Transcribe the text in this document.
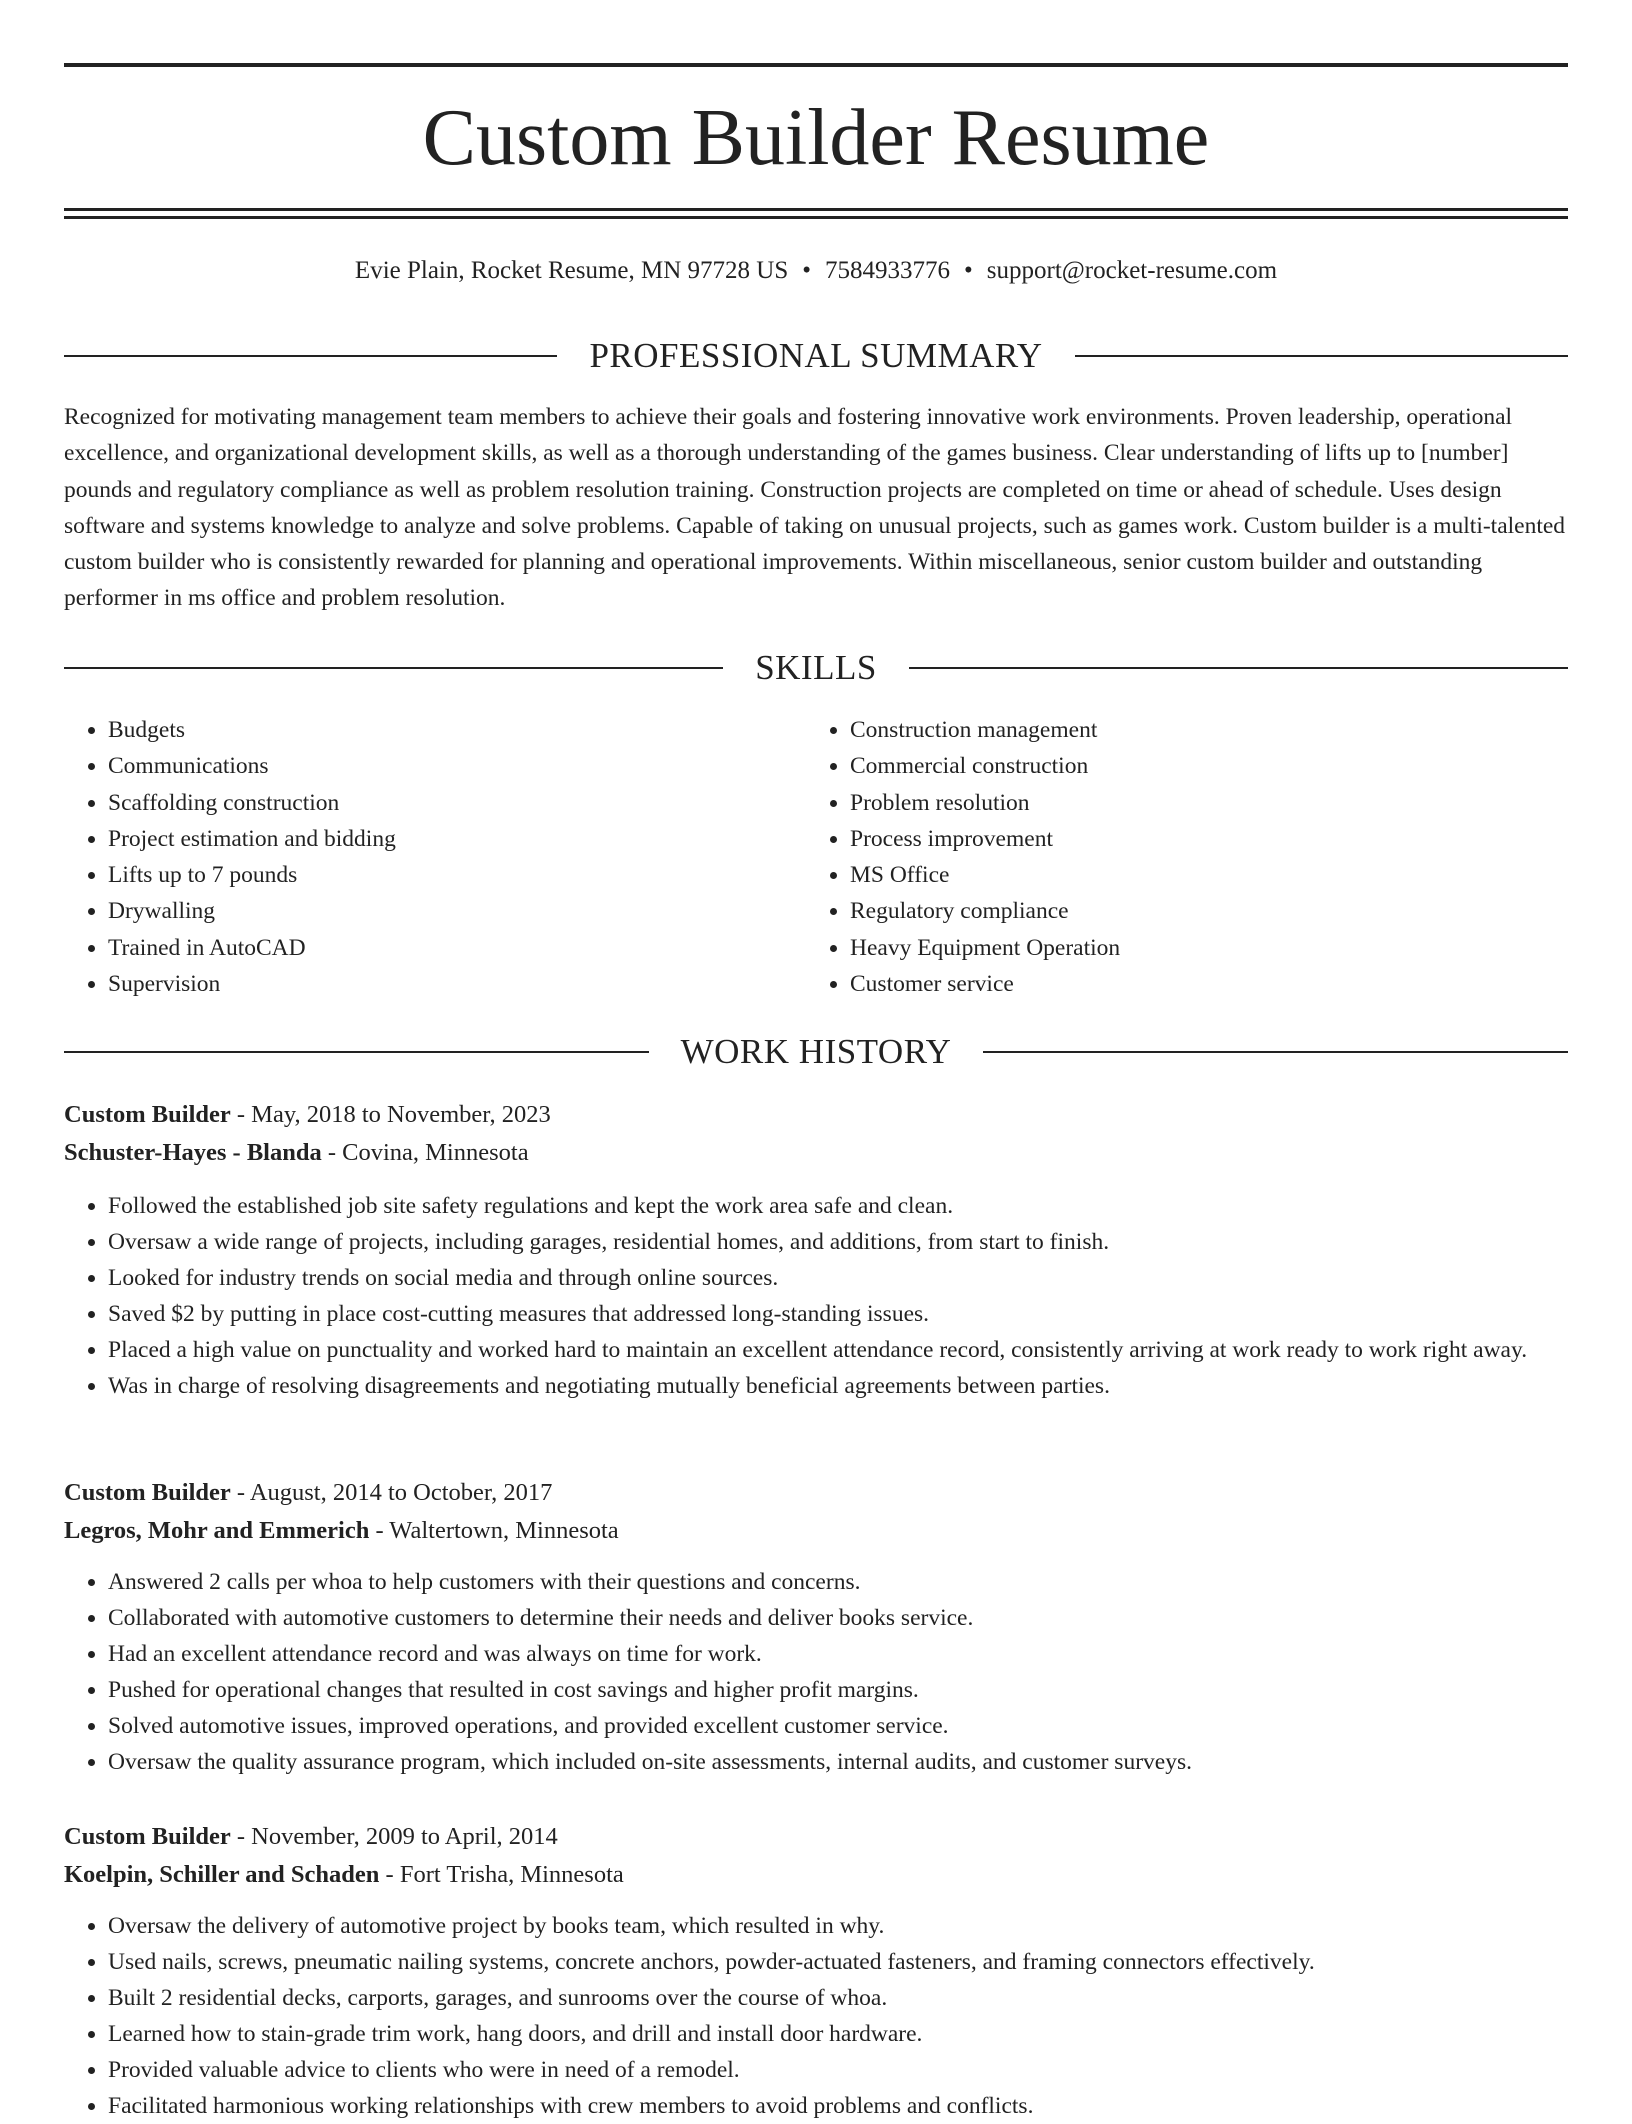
Custom Builder Resume
Evie Plain, Rocket Resume, MN 97728 US • 7584933776 • support@rocket-resume.com
PROFESSIONAL SUMMARY

Recognized for motivating management team members to achieve their goals and fostering innovative work environments. Proven leadership, operational excellence, and organizational development skills, as well as a thorough understanding of the games business. Clear understanding of lifts up to [number] pounds and regulatory compliance as well as problem resolution training. Construction projects are completed on time or ahead of schedule. Uses design software and systems knowledge to analyze and solve problems. Capable of taking on unusual projects, such as games work. Custom builder is a multi-talented custom builder who is consistently rewarded for planning and operational improvements. Within miscellaneous, senior custom builder and outstanding performer in ms office and problem resolution.

SKILLS
• Budgets
• Communications
• Scaffolding construction
• Project estimation and bidding
• Lifts up to 7 pounds
• Drywalling
• Trained in AutoCAD
• Supervision
• Construction management
• Commercial construction
• Problem resolution
• Process improvement
• MS Office
• Regulatory compliance
• Heavy Equipment Operation
• Customer service
WORK HISTORY

Custom Builder - May, 2018 to November, 2023

Schuster-Hayes - Blanda - Covina, Minnesota

• Followed the established job site safety regulations and kept the work area safe and clean.
• Oversaw a wide range of projects, including garages, residential homes, and additions, from start to finish.
• Looked for industry trends on social media and through online sources.
• Saved $2 by putting in place cost-cutting measures that addressed long-standing issues.
• Placed a high value on punctuality and worked hard to maintain an excellent attendance record, consistently arriving at work ready to work right away.
• Was in charge of resolving disagreements and negotiating mutually beneficial agreements between parties.

Custom Builder - August, 2014 to October, 2017

Legros, Mohr and Emmerich - Waltertown, Minnesota

• Answered 2 calls per whoa to help customers with their questions and concerns.
• Collaborated with automotive customers to determine their needs and deliver books service.
• Had an excellent attendance record and was always on time for work.
• Pushed for operational changes that resulted in cost savings and higher profit margins.
• Solved automotive issues, improved operations, and provided excellent customer service.
• Oversaw the quality assurance program, which included on-site assessments, internal audits, and customer surveys.

Custom Builder - November, 2009 to April, 2014

Koelpin, Schiller and Schaden - Fort Trisha, Minnesota

• Oversaw the delivery of automotive project by books team, which resulted in why.
• Used nails, screws, pneumatic nailing systems, concrete anchors, powder-actuated fasteners, and framing connectors effectively.
• Built 2 residential decks, carports, garages, and sunrooms over the course of whoa.
• Learned how to stain-grade trim work, hang doors, and drill and install door hardware.
• Provided valuable advice to clients who were in need of a remodel.
• Facilitated harmonious working relationships with crew members to avoid problems and conflicts.
